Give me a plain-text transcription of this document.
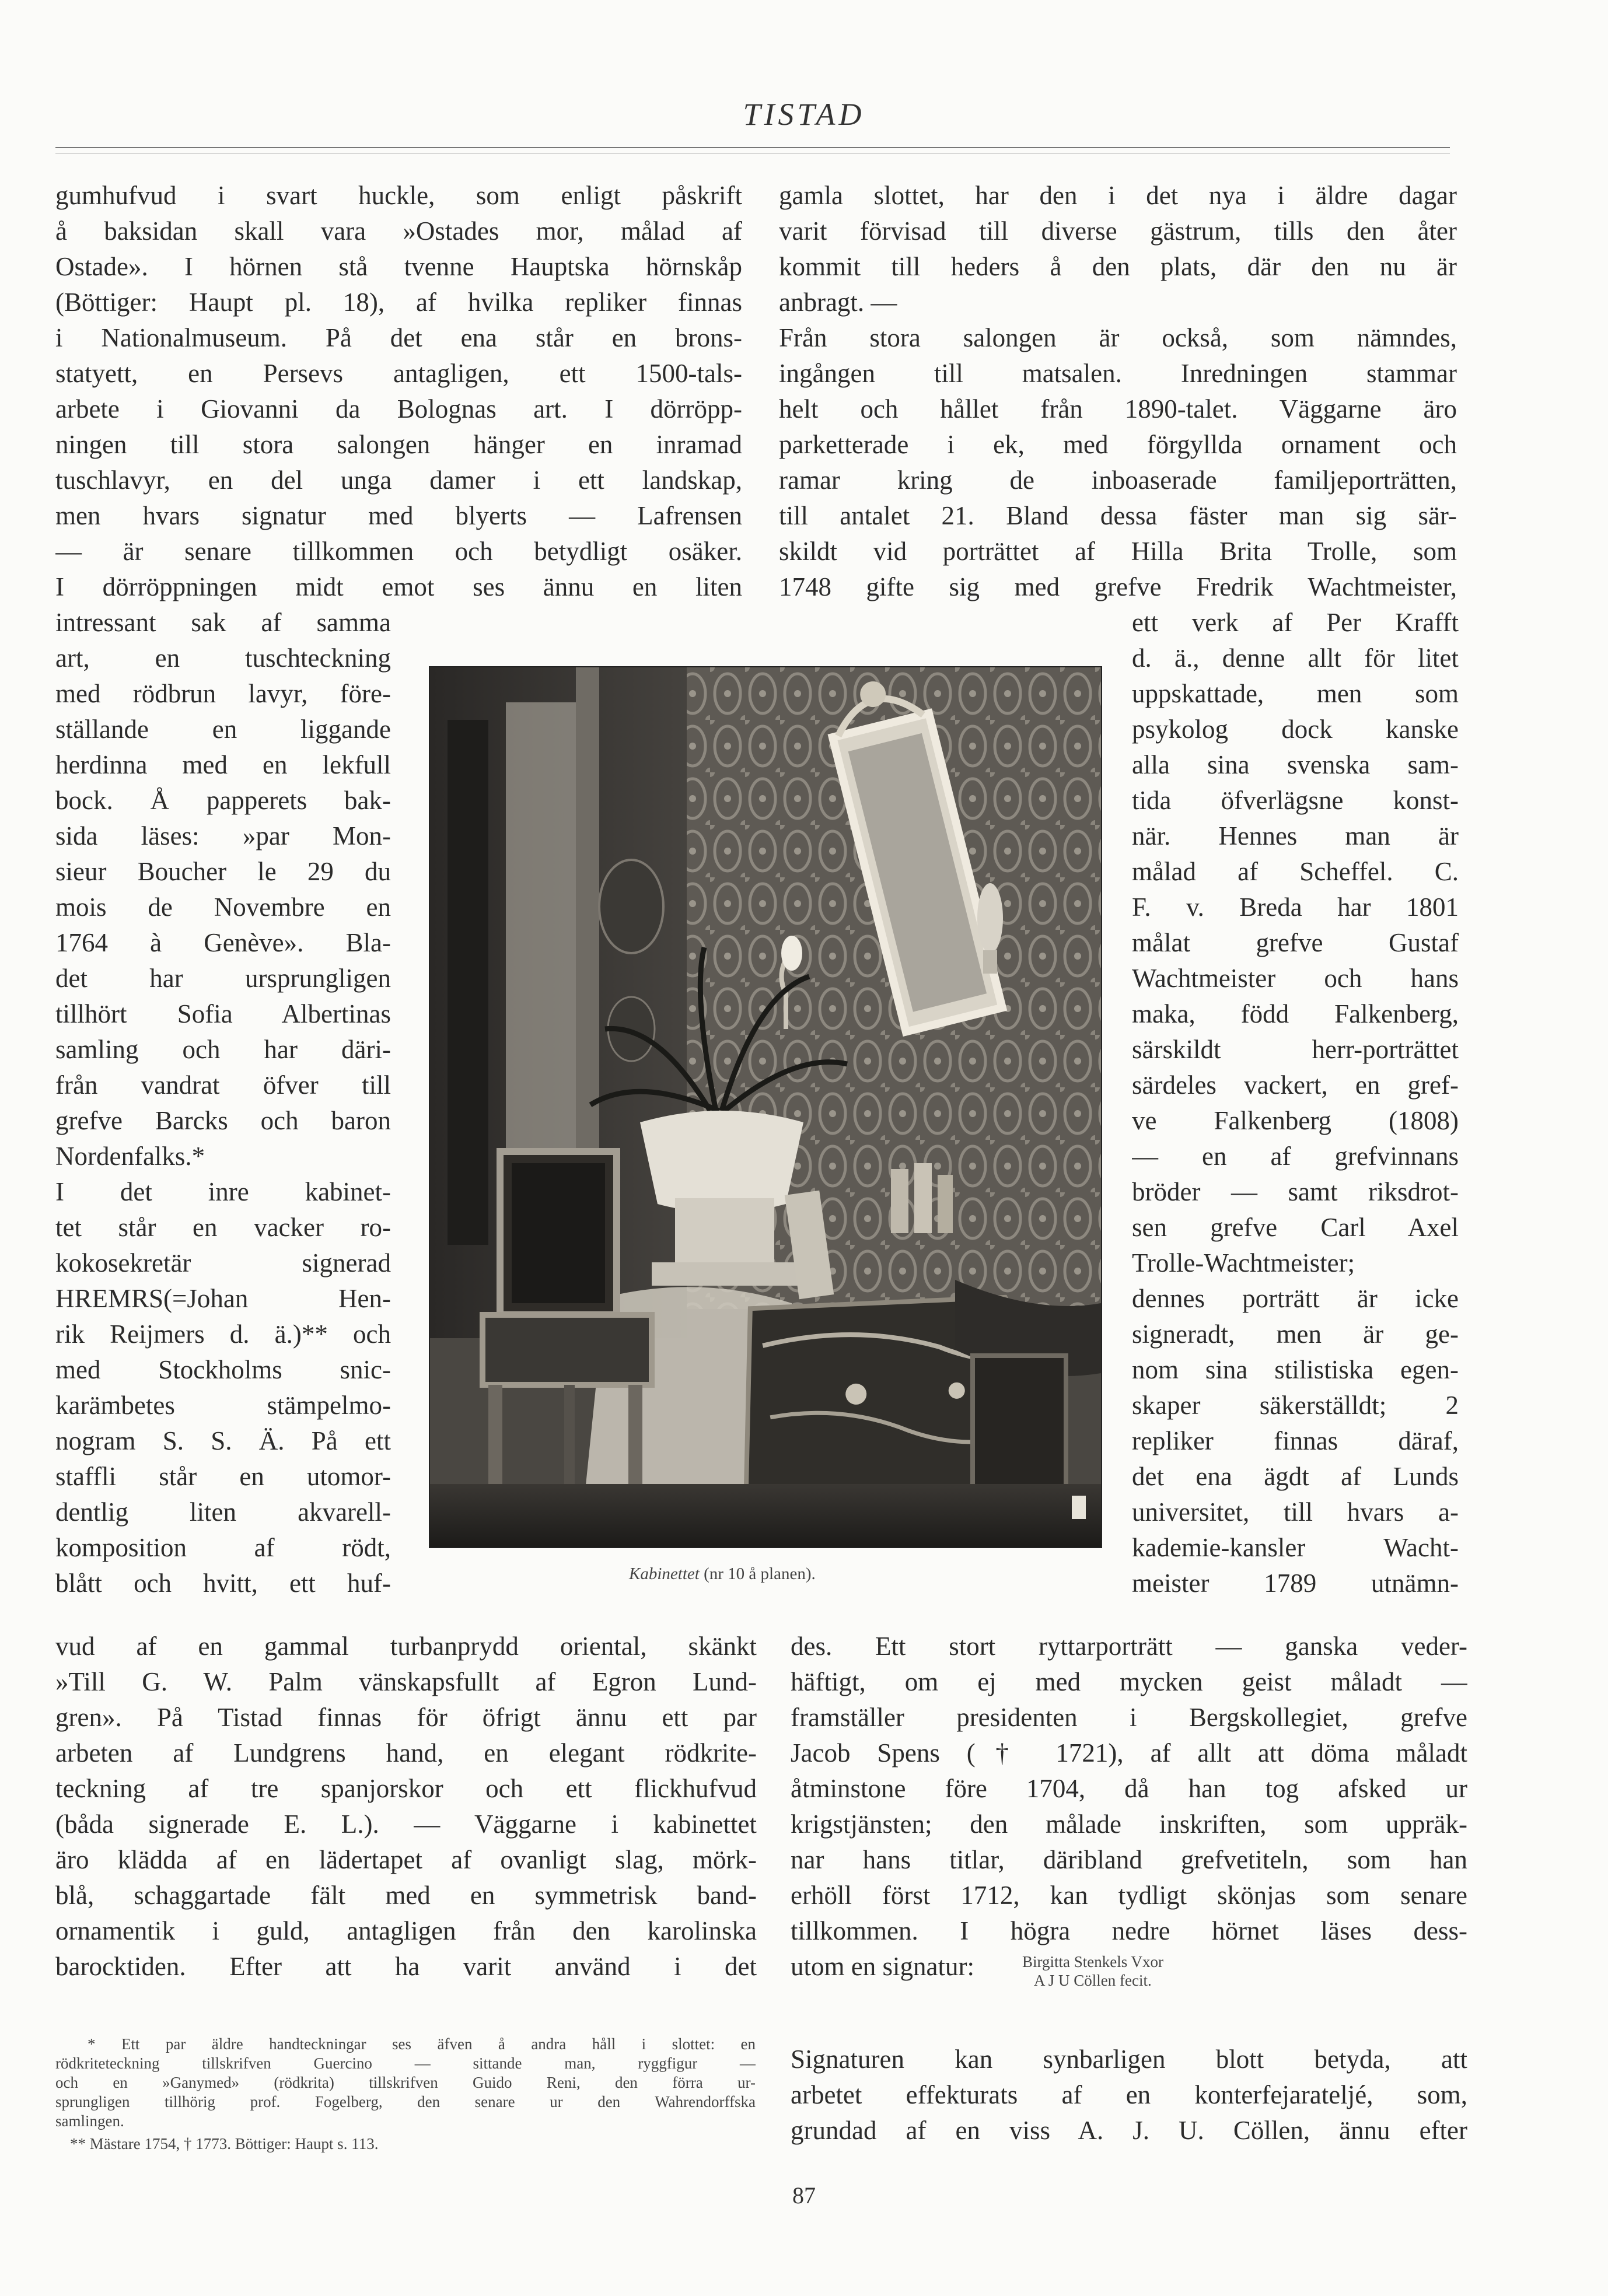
TISTAD
gumhufvud i svart huckle, som enligt påskrift
å baksidan skall vara »Ostades mor, målad af
Ostade». I hörnen stå tvenne Hauptska hörnskåp
(Böttiger: Haupt pl. 18), af hvilka repliker finnas
i Nationalmuseum. På det ena står en brons-
statyett, en Persevs antagligen, ett 1500-tals-
arbete i Giovanni da Bolognas art. I dörröpp-
ningen till stora salongen hänger en inramad
tuschlavyr, en del unga damer i ett landskap,
men hvars signatur med blyerts — Lafrensen
— är senare tillkommen och betydligt osäker.
I dörröppningen midt emot ses ännu en liten
intressant sak af samma
art, en tuschteckning
med rödbrun lavyr, före-
ställande en liggande
herdinna med en lekfull
bock. Å papperets bak-
sida läses: »par Mon-
sieur Boucher le 29 du
mois de Novembre en
1764 à Genève». Bla-
det har ursprungligen
tillhört Sofia Albertinas
samling och har däri-
från vandrat öfver till
grefve Barcks och baron
Nordenfalks.*
I det inre kabinet-
tet står en vacker ro-
kokosekretär signerad
HREMRS(=Johan Hen-
rik Reijmers d. ä.)** och
med Stockholms snic-
karämbetes stämpelmo-
nogram S. S. Ä. På ett
staffli står en utomor-
dentlig liten akvarell-
komposition af rödt,
blått och hvitt, ett huf-
vud af en gammal turbanprydd oriental, skänkt
»Till G. W. Palm vänskapsfullt af Egron Lund-
gren». På Tistad finnas för öfrigt ännu ett par
arbeten af Lundgrens hand, en elegant rödkrite-
teckning af tre spanjorskor och ett flickhufvud
(båda signerade E. L.). — Väggarne i kabinettet
äro klädda af en lädertapet af ovanligt slag, mörk-
blå, schaggartade fält med en symmetrisk band-
ornamentik i guld, antagligen från den karolinska
barocktiden. Efter att ha varit använd i det
gamla slottet, har den i det nya i äldre dagar
varit förvisad till diverse gästrum, tills den åter
kommit till heders å den plats, där den nu är
anbragt. —
Från stora salongen är också, som nämndes,
ingången till matsalen. Inredningen stammar
helt och hållet från 1890-talet. Väggarne äro
parketterade i ek, med förgyllda ornament och
ramar kring de inboaserade familjeporträtten,
till antalet 21. Bland dessa fäster man sig sär-
skildt vid porträttet af Hilla Brita Trolle, som
1748 gifte sig med grefve Fredrik Wachtmeister,
ett verk af Per Krafft
d. ä., denne allt för litet
uppskattade, men som
psykolog dock kanske
alla sina svenska sam-
tida öfverlägsne konst-
när. Hennes man är
målad af Scheffel. C.
F. v. Breda har 1801
målat grefve Gustaf
Wachtmeister och hans
maka, född Falkenberg,
särskildt herr-porträttet
särdeles vackert, en gref-
ve Falkenberg (1808)
— en af grefvinnans
bröder — samt riksdrot-
sen grefve Carl Axel
Trolle-Wachtmeister;
dennes porträtt är icke
signeradt, men är ge-
nom sina stilistiska egen-
skaper säkerställdt; 2
repliker finnas däraf,
det ena ägdt af Lunds
universitet, till hvars a-
kademie-kansler Wacht-
meister 1789 utnämn-
des. Ett stort ryttarporträtt — ganska veder-
häftigt, om ej med mycken geist måladt —
framställer presidenten i Bergskollegiet, grefve
Jacob Spens († 1721), af allt att döma måladt
åtminstone före 1704, då han tog afsked ur
krigstjänsten; den målade inskriften, som uppräk-
nar hans titlar, däribland grefvetiteln, som han
erhöll först 1712, kan tydligt skönjas som senare
tillkommen. I högra nedre hörnet läses dess-
utom en signatur:
Signaturen kan synbarligen blott betyda, att
arbetet effekturats af en konterfejarateljé, som,
grundad af en viss A. J. U. Cöllen, ännu efter
Birgitta Stenkels Vxor
A J U Cöllen fecit.
* Ett par äldre handteckningar ses äfven å andra håll i slottet: en
rödkriteteckning tillskrifven Guercino — sittande man, ryggfigur —
och en »Ganymed» (rödkrita) tillskrifven Guido Reni, den förra ur-
sprungligen tillhörig prof. Fogelberg, den senare ur den Wahrendorffska
samlingen.
** Mästare 1754, † 1773. Böttiger: Haupt s. 113.
Kabinettet (nr 10 å planen).
87
